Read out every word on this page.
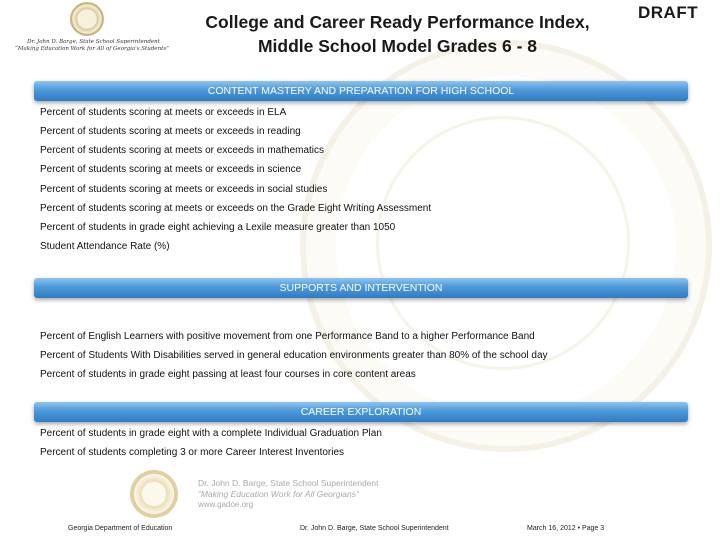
Dr. John D. Barge, State School Superintendent
“Making Education Work for All of Georgia's Students”
College and Career Ready Performance Index,
Middle School Model Grades 6 - 8
DRAFT
CONTENT MASTERY AND PREPARATION FOR HIGH SCHOOL
Percent of students scoring at meets or exceeds in ELA
Percent of students scoring at meets or exceeds in reading
Percent of students scoring at meets or exceeds in mathematics
Percent of students scoring at meets or exceeds in science
Percent of students scoring at meets or exceeds in social studies
Percent of students scoring at meets or exceeds on the Grade Eight Writing Assessment
Percent of students in grade eight achieving a Lexile measure greater than 1050
Student Attendance Rate (%)
SUPPORTS AND INTERVENTION
Percent of English Learners with positive movement from one Performance Band to a higher Performance Band
Percent of Students With Disabilities served in general education environments greater than 80% of the school day
Percent of students in grade eight passing at least four courses in core content areas
CAREER EXPLORATION
Percent of students in grade eight with a complete Individual Graduation Plan
Percent of students completing 3 or more Career Interest Inventories
Dr. John D. Barge, State School Superintendent
“Making Education Work for All Georgians”
www.gadoe.org
Georgia Department of Education	Dr. John D. Barge, State School Superintendent	March 16, 2012 • Page 3
